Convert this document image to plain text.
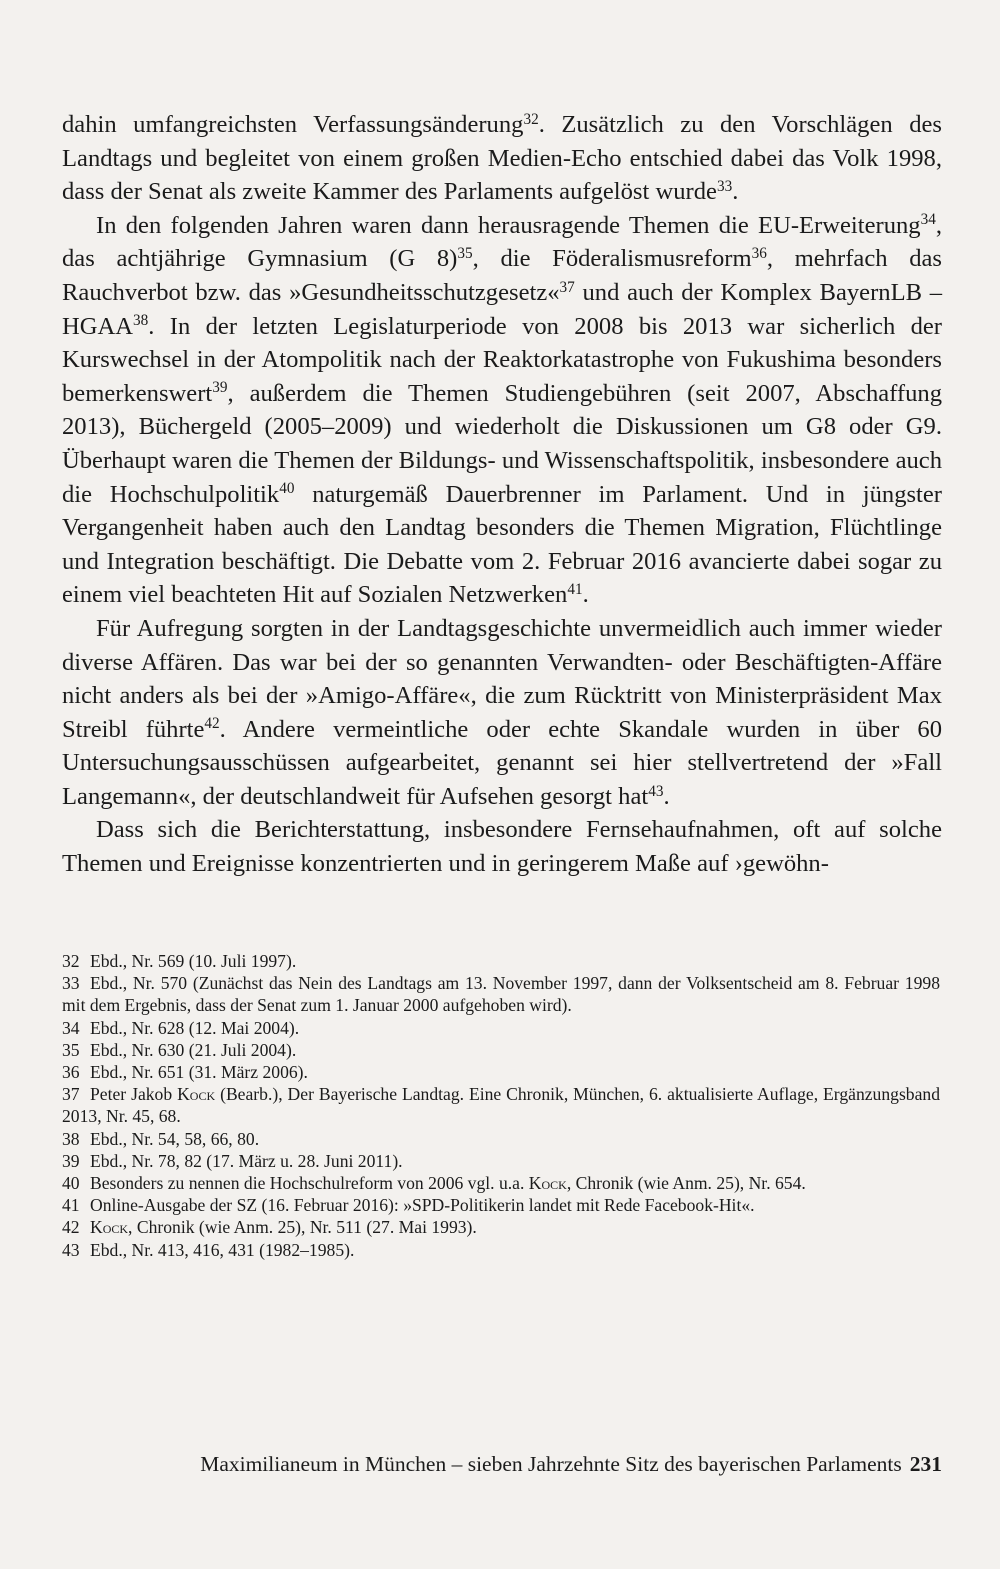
dahin umfangreichsten Verfassungsänderung$^{32}$. Zusätzlich zu den Vorschlägen des Landtags und begleitet von einem großen Medien-Echo entschied dabei das Volk 1998, dass der Senat als zweite Kammer des Parlaments aufgelöst wurde$^{33}$.

In den folgenden Jahren waren dann herausragende Themen die EU-Erweiterung$^{34}$, das achtjährige Gymnasium (G 8)$^{35}$, die Föderalismusreform$^{36}$, mehrfach das Rauchverbot bzw. das »Gesundheitsschutzgesetz«$^{37}$ und auch der Komplex BayernLB – HGAA$^{38}$. In der letzten Legislaturperiode von 2008 bis 2013 war sicherlich der Kurswechsel in der Atompolitik nach der Reaktorkatastrophe von Fukushima besonders bemerkenswert$^{39}$, außerdem die Themen Studiengebühren (seit 2007, Abschaffung 2013), Büchergeld (2005–2009) und wiederholt die Diskussionen um G8 oder G9. Überhaupt waren die Themen der Bildungs- und Wissenschaftspolitik, insbesondere auch die Hochschulpolitik$^{40}$ naturgemäß Dauerbrenner im Parlament. Und in jüngster Vergangenheit haben auch den Landtag besonders die Themen Migration, Flüchtlinge und Integration beschäftigt. Die Debatte vom 2. Februar 2016 avancierte dabei sogar zu einem viel beachteten Hit auf Sozialen Netzwerken$^{41}$.

Für Aufregung sorgten in der Landtagsgeschichte unvermeidlich auch immer wieder diverse Affären. Das war bei der so genannten Verwandten- oder Beschäftigten-Affäre nicht anders als bei der »Amigo-Affäre«, die zum Rücktritt von Ministerpräsident Max Streibl führte$^{42}$. Andere vermeintliche oder echte Skandale wurden in über 60 Untersuchungsausschüssen aufgearbeitet, genannt sei hier stellvertretend der »Fall Langemann«, der deutschlandweit für Aufsehen gesorgt hat$^{43}$.

Dass sich die Berichterstattung, insbesondere Fernsehaufnahmen, oft auf solche Themen und Ereignisse konzentrierten und in geringerem Maße auf ›gewöhn-

32 Ebd., Nr. 569 (10. Juli 1997).

33 Ebd., Nr. 570 (Zunächst das Nein des Landtags am 13. November 1997, dann der Volksentscheid am 8. Februar 1998 mit dem Ergebnis, dass der Senat zum 1. Januar 2000 aufgehoben wird).

34 Ebd., Nr. 628 (12. Mai 2004).

35 Ebd., Nr. 630 (21. Juli 2004).

36 Ebd., Nr. 651 (31. März 2006).

37 Peter Jakob Kock (Bearb.), Der Bayerische Landtag. Eine Chronik, München, 6. aktualisierte Auflage, Ergänzungsband 2013, Nr. 45, 68.

38 Ebd., Nr. 54, 58, 66, 80.

39 Ebd., Nr. 78, 82 (17. März u. 28. Juni 2011).

40 Besonders zu nennen die Hochschulreform von 2006 vgl. u.a. Kock, Chronik (wie Anm. 25), Nr. 654.

41 Online-Ausgabe der SZ (16. Februar 2016): »SPD-Politikerin landet mit Rede Facebook-Hit«.

42 Kock, Chronik (wie Anm. 25), Nr. 511 (27. Mai 1993).

43 Ebd., Nr. 413, 416, 431 (1982–1985).

Maximilianeum in München – sieben Jahrzehnte Sitz des bayerischen Parlaments 231
